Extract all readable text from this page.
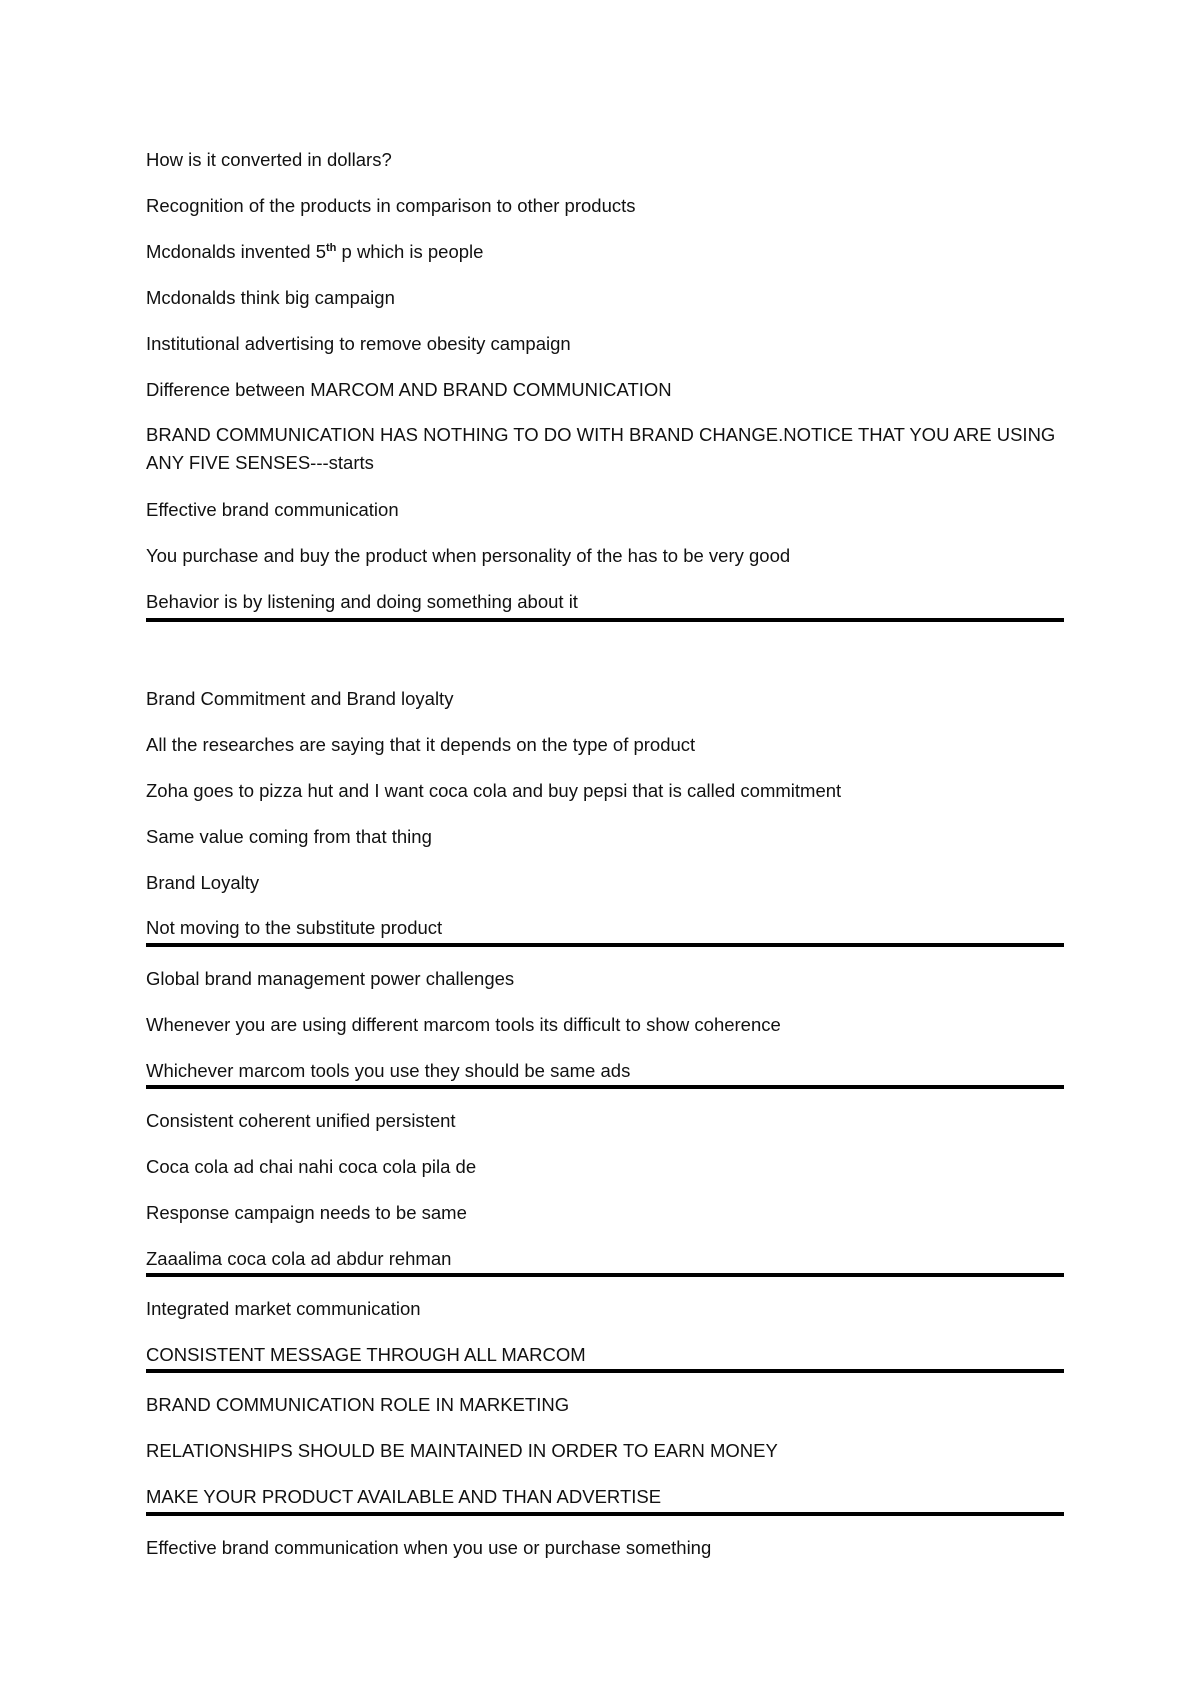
How is it converted in dollars?
Recognition of the products in comparison to other products
Mcdonalds invented 5th p which is people
Mcdonalds think big campaign
Institutional advertising to remove obesity campaign
Difference between MARCOM AND BRAND COMMUNICATION
BRAND COMMUNICATION HAS NOTHING TO DO WITH BRAND CHANGE.NOTICE THAT YOU ARE USING ANY FIVE SENSES---starts
Effective brand communication
You purchase and buy the product when personality of the has to be very good
Behavior is by listening and doing something about it
Brand Commitment and Brand loyalty
All the researches are saying that it depends on the type of product
Zoha goes to pizza hut and I want coca cola and buy pepsi that is called commitment
Same value coming from that thing
Brand Loyalty
Not moving to the substitute product
Global brand management power challenges
Whenever you are using different marcom tools its difficult to show coherence
Whichever marcom tools you use they should be same ads
Consistent coherent unified persistent
Coca cola ad chai nahi coca cola pila de
Response campaign needs to be same
Zaaalima coca cola ad abdur rehman
Integrated market communication
CONSISTENT MESSAGE THROUGH ALL MARCOM
BRAND COMMUNICATION ROLE IN MARKETING
RELATIONSHIPS SHOULD BE MAINTAINED IN ORDER TO EARN MONEY
MAKE YOUR PRODUCT AVAILABLE AND THAN ADVERTISE
Effective brand communication when you use or purchase something
